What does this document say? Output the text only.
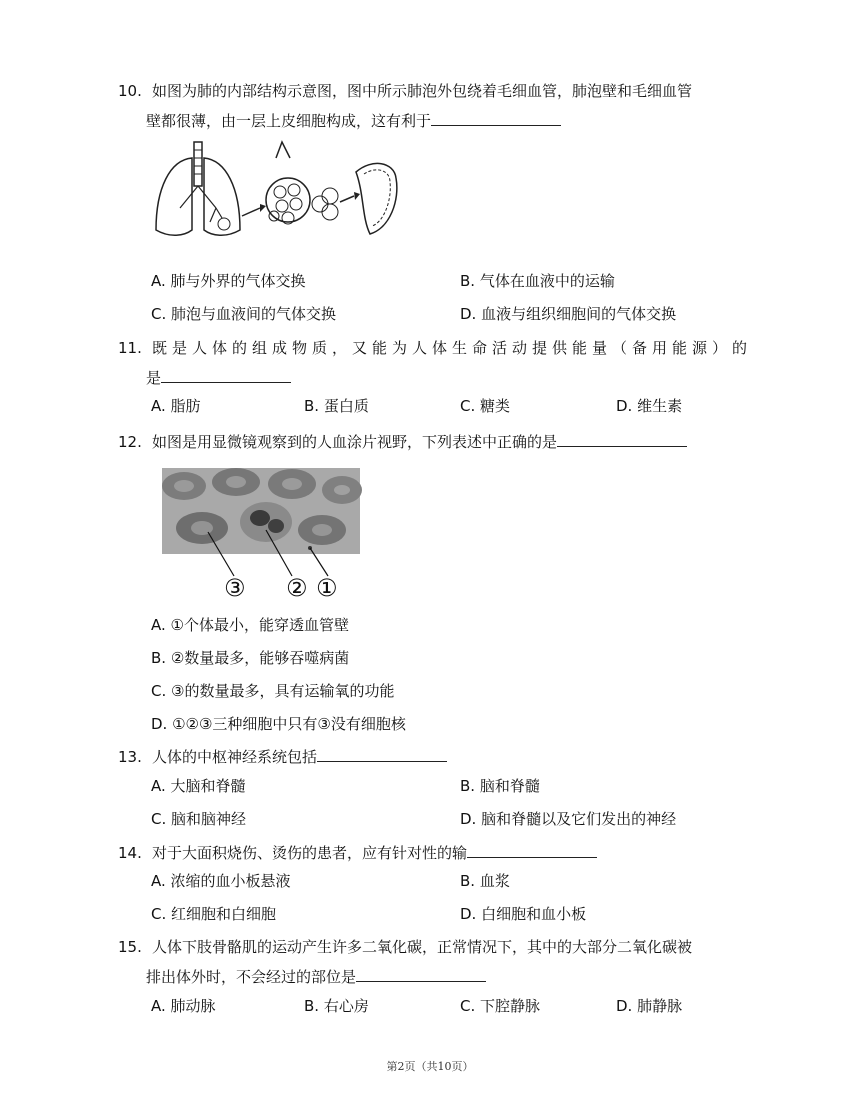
10. 如图为肺的内部结构示意图，图中所示肺泡外包绕着毛细血管，肺泡壁和毛细血管
壁都很薄，由一层上皮细胞构成，这有利于
A. 肺与外界的气体交换	B. 气体在血液中的运输
C. 肺泡与血液间的气体交换	D. 血液与组织细胞间的气体交换
11. 既是人体的组成物质，又能为人体生命活动提供能量（备用能源）的
是
A. 脂肪	B. 蛋白质	C. 糖类	D. 维生素
12. 如图是用显微镜观察到的人血涂片视野，下列表述中正确的是
③ ② ①
A. ①个体最小，能穿透血管壁
B. ②数量最多，能够吞噬病菌
C. ③的数量最多，具有运输氧的功能
D. ①②③三种细胞中只有③没有细胞核
13. 人体的中枢神经系统包括
A. 大脑和脊髓	B. 脑和脊髓
C. 脑和脑神经	D. 脑和脊髓以及它们发出的神经
14. 对于大面积烧伤、烫伤的患者，应有针对性的输
A. 浓缩的血小板悬液	B. 血浆
C. 红细胞和白细胞	D. 白细胞和血小板
15. 人体下肢骨骼肌的运动产生许多二氧化碳，正常情况下，其中的大部分二氧化碳被
排出体外时，不会经过的部位是
A. 肺动脉	B. 右心房	C. 下腔静脉	D. 肺静脉
第2页（共10页）
